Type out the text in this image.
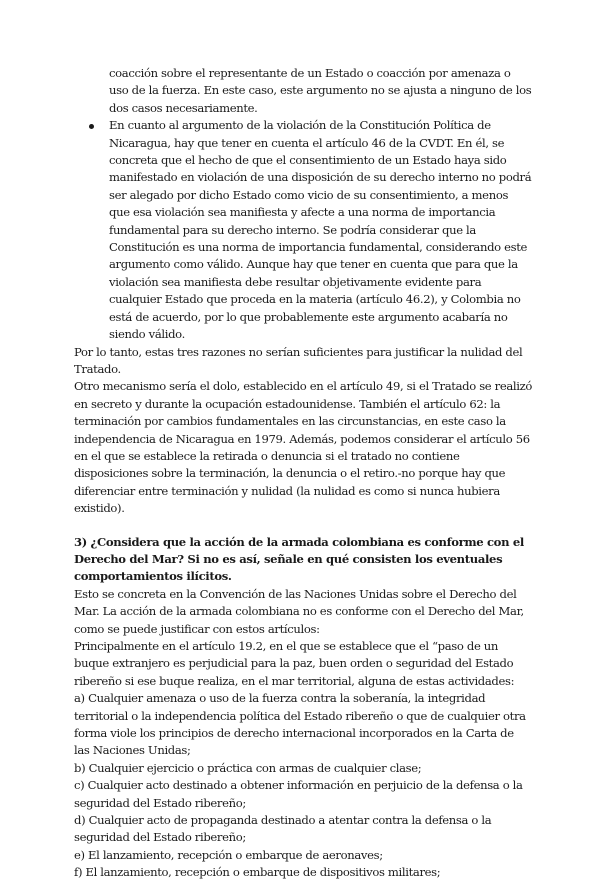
coacción sobre el representante de un Estado o coacción por amenaza o uso de la fuerza. En este caso, este argumento no se ajusta a ninguno de los dos casos necesariamente.

En cuanto al argumento de la violación de la Constitución Política de Nicaragua, hay que tener en cuenta el artículo 46 de la CVDT. En él, se concreta que el hecho de que el consentimiento de un Estado haya sido manifestado en violación de una disposición de su derecho interno no podrá ser alegado por dicho Estado como vicio de su consentimiento, a menos que esa violación sea manifiesta y afecte a una norma de importancia fundamental para su derecho interno. Se podría considerar que la Constitución es una norma de importancia fundamental, considerando este argumento como válido. Aunque hay que tener en cuenta que para que la violación sea manifiesta debe resultar objetivamente evidente para cualquier Estado que proceda en la materia (artículo 46.2), y Colombia no está de acuerdo, por lo que probablemente este argumento acabaría no siendo válido.

Por lo tanto, estas tres razones no serían suficientes para justificar la nulidad del Tratado.

Otro mecanismo sería el dolo, establecido en el artículo 49, si el Tratado se realizó en secreto y durante la ocupación estadounidense. También el artículo 62: la terminación por cambios fundamentales en las circunstancias, en este caso la independencia de Nicaragua en 1979. Además, podemos considerar el artículo 56 en el que se establece la retirada o denuncia si el tratado no contiene disposiciones sobre la terminación, la denuncia o el retiro.-no porque hay que diferenciar entre terminación y nulidad (la nulidad es como si nunca hubiera existido).

3) ¿Considera que la acción de la armada colombiana es conforme con el Derecho del Mar? Si no es así, señale en qué consisten los eventuales comportamientos ilícitos.

Esto se concreta en la Convención de las Naciones Unidas sobre el Derecho del Mar. La acción de la armada colombiana no es conforme con el Derecho del Mar, como se puede justificar con estos artículos:

Principalmente en el artículo 19.2, en el que se establece que el “paso de un buque extranjero es perjudicial para la paz, buen orden o seguridad del Estado ribereño si ese buque realiza, en el mar territorial, alguna de estas actividades:

a) Cualquier amenaza o uso de la fuerza contra la soberanía, la integridad territorial o la independencia política del Estado ribereño o que de cualquier otra forma viole los principios de derecho internacional incorporados en la Carta de las Naciones Unidas;

b) Cualquier ejercicio o práctica con armas de cualquier clase;

c) Cualquier acto destinado a obtener información en perjuicio de la defensa o la seguridad del Estado ribereño;

d) Cualquier acto de propaganda destinado a atentar contra la defensa o la seguridad del Estado ribereño;

e) El lanzamiento, recepción o embarque de aeronaves;

f) El lanzamiento, recepción o embarque de dispositivos militares;
